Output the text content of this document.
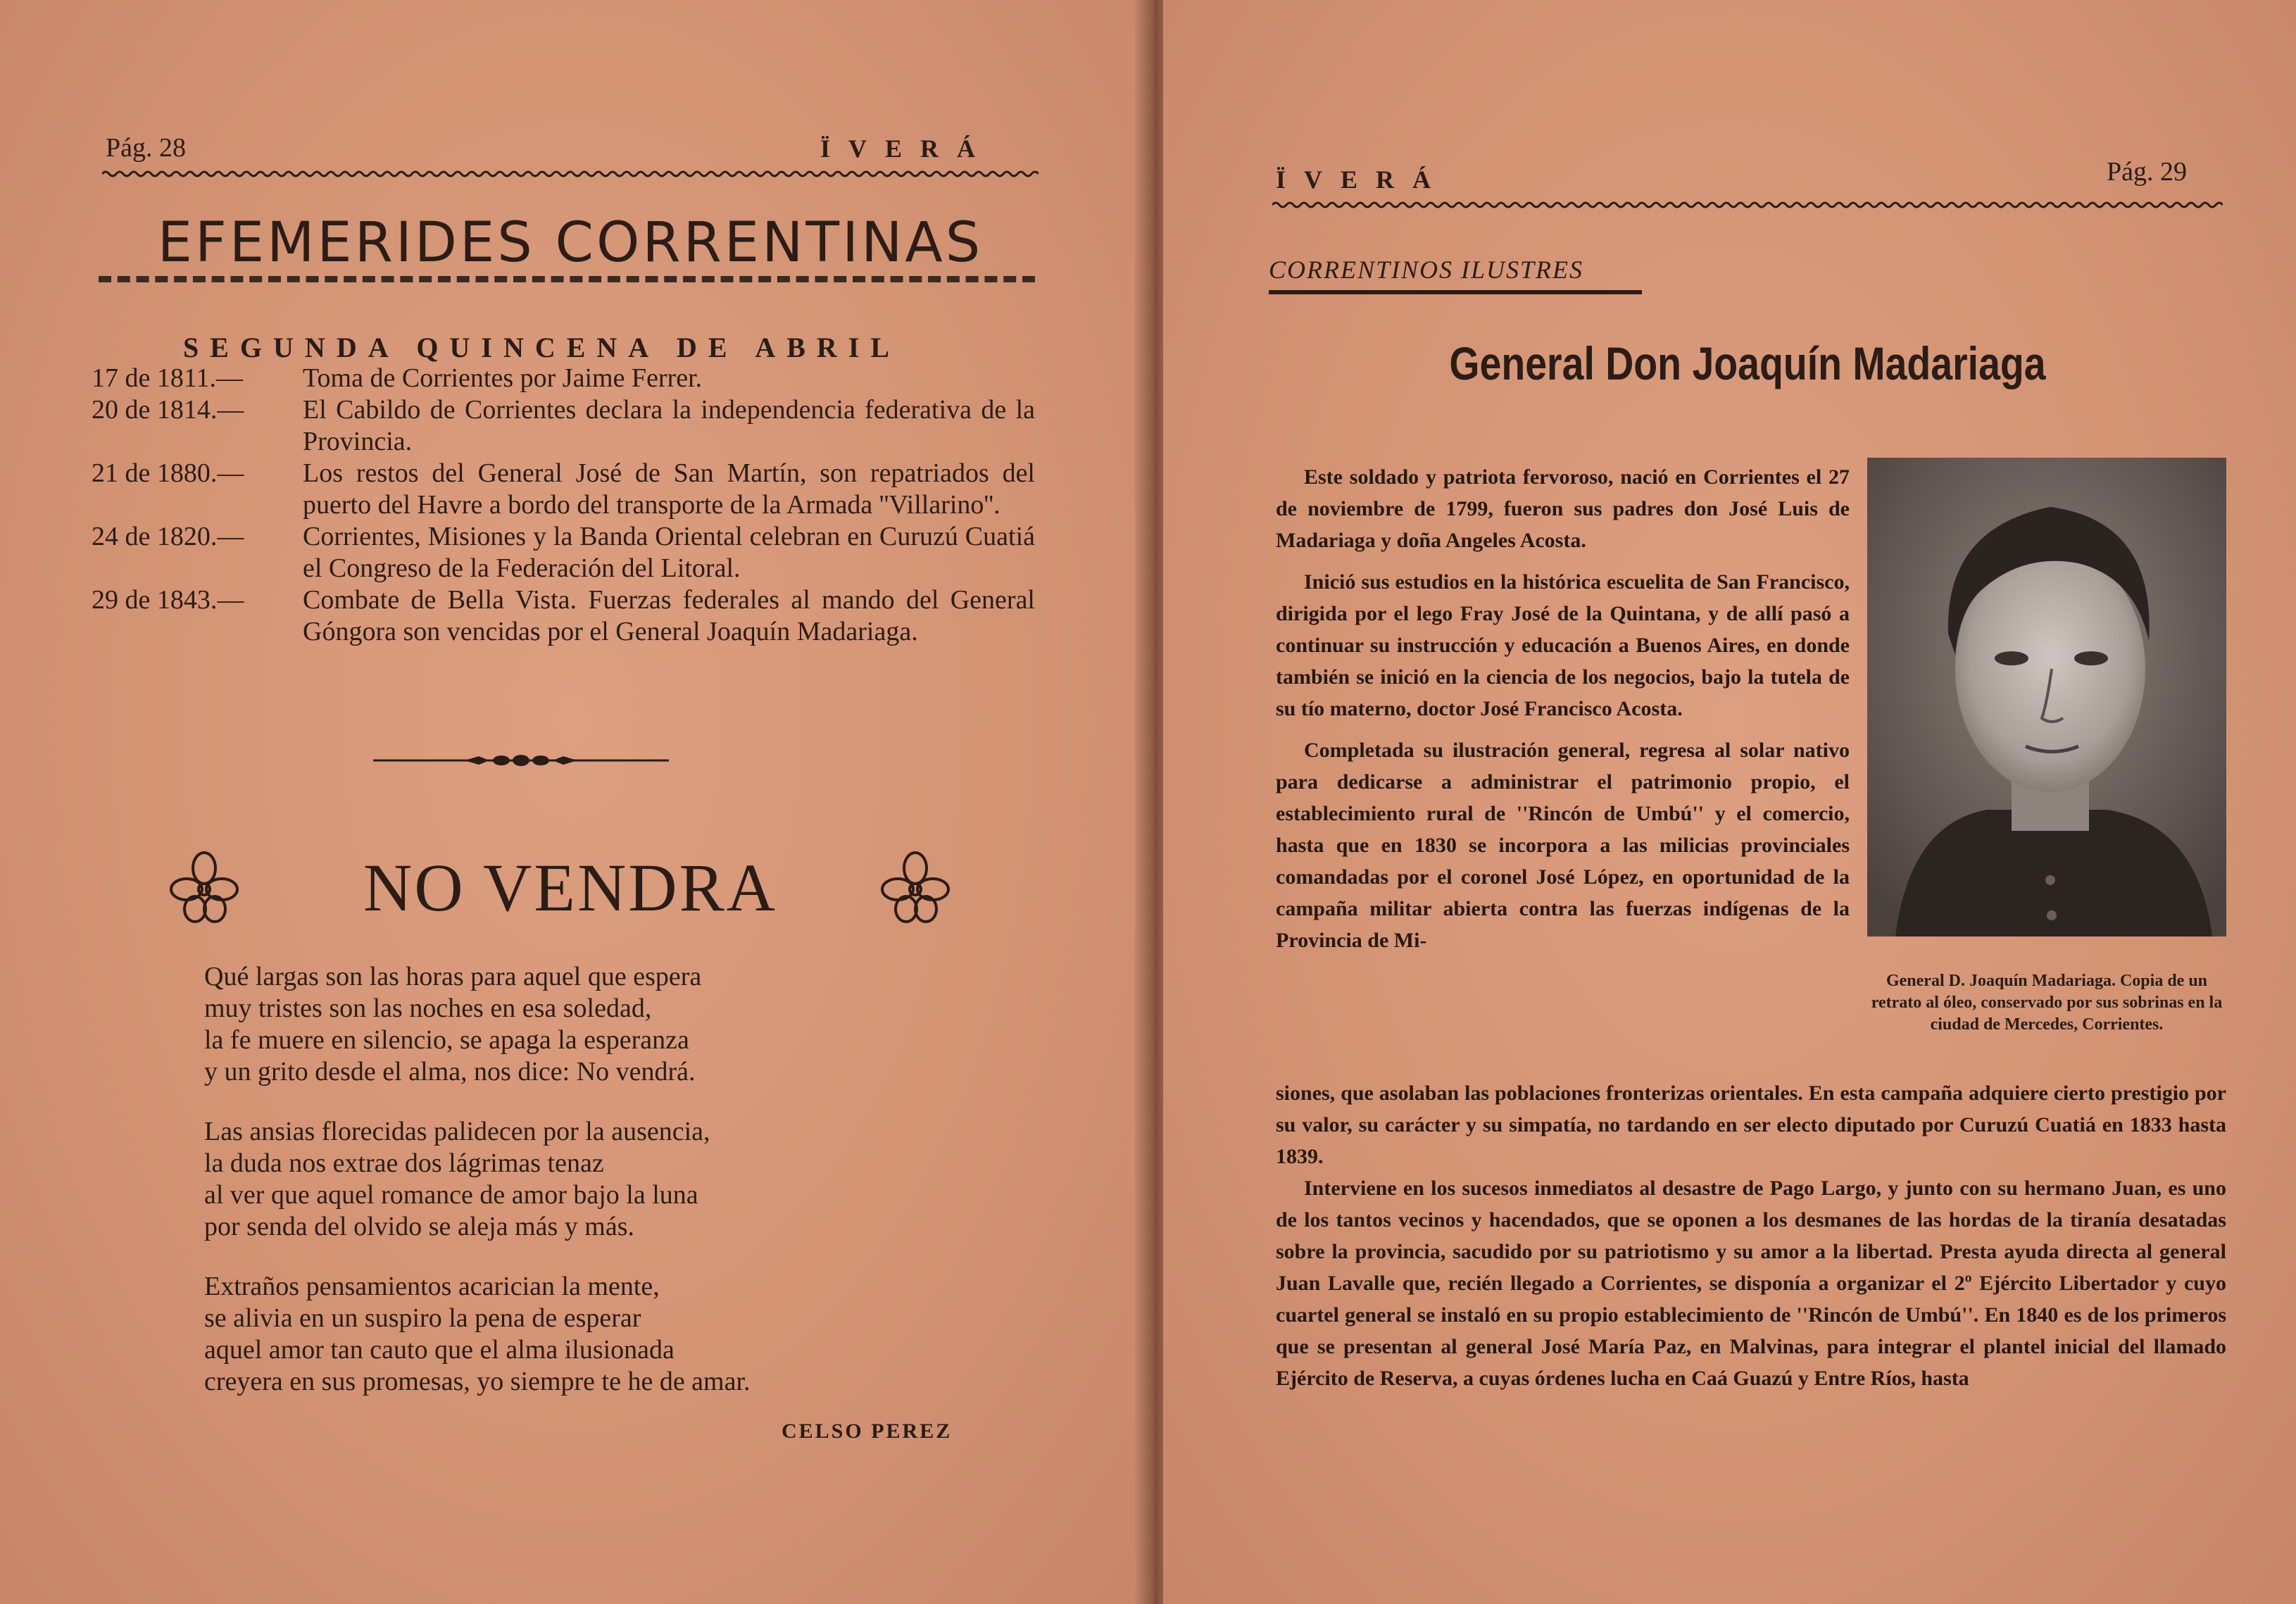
Pág. 28	ÏVERÁ
EFEMERIDES CORRENTINAS
SEGUNDA QUINCENA DE ABRIL
17 de 1811.—	Toma de Corrientes por Jaime Ferrer.
20 de 1814.—	El Cabildo de Corrientes declara la independencia federativa de la Provincia.
21 de 1880.—	Los restos del General José de San Martín, son repatriados del puerto del Havre a bordo del transporte de la Armada ''Villarino''.
24 de 1820.—	Corrientes, Misiones y la Banda Oriental celebran en Curuzú Cuatiá el Congreso de la Federación del Litoral.
29 de 1843.—	Combate de Bella Vista. Fuerzas federales al mando del General Góngora son vencidas por el General Joaquín Madariaga.
NO VENDRA
Qué largas son las horas para aquel que espera
muy tristes son las noches en esa soledad,
la fe muere en silencio, se apaga la esperanza
y un grito desde el alma, nos dice: No vendrá.
Las ansias florecidas palidecen por la ausencia,
la duda nos extrae dos lágrimas tenaz
al ver que aquel romance de amor bajo la luna
por senda del olvido se aleja más y más.
Extraños pensamientos acarician la mente,
se alivia en un suspiro la pena de esperar
aquel amor tan cauto que el alma ilusionada
creyera en sus promesas, yo siempre te he de amar.
CELSO PEREZ
ÏVERÁ	Pág. 29
CORRENTINOS ILUSTRES
General Don Joaquín Madariaga

Este soldado y patriota fervoroso, nació en Corrientes el 27 de noviembre de 1799, fueron sus padres don José Luis de Madariaga y doña Angeles Acosta.

Inició sus estudios en la histórica escuelita de San Francisco, dirigida por el lego Fray José de la Quintana, y de allí pasó a continuar su instrucción y educación a Buenos Aires, en donde también se inició en la ciencia de los negocios, bajo la tutela de su tío materno, doctor José Francisco Acosta.

Completada su ilustración general, regresa al solar nativo para dedicarse a administrar el patrimonio propio, el establecimiento rural de ''Rincón de Umbú'' y el comercio, hasta que en 1830 se incorpora a las milicias provinciales comandadas por el coronel José López, en oportunidad de la campaña militar abierta contra las fuerzas indígenas de la Provincia de Mi-

General D. Joaquín Madariaga. Copia de un retrato al óleo, conservado por sus sobrinas en la ciudad de Mercedes, Corrientes.

siones, que asolaban las poblaciones fronterizas orientales. En esta campaña adquiere cierto prestigio por su valor, su carácter y su simpatía, no tardando en ser electo diputado por Curuzú Cuatiá en 1833 hasta 1839.

Interviene en los sucesos inmediatos al desastre de Pago Largo, y junto con su hermano Juan, es uno de los tantos vecinos y hacendados, que se oponen a los desmanes de las hordas de la tiranía desatadas sobre la provincia, sacudido por su patriotismo y su amor a la libertad. Presta ayuda directa al general Juan Lavalle que, recién llegado a Corrientes, se disponía a organizar el 2º Ejército Libertador y cuyo cuartel general se instaló en su propio establecimiento de ''Rincón de Umbú''. En 1840 es de los primeros que se presentan al general José María Paz, en Malvinas, para integrar el plantel inicial del llamado Ejército de Reserva, a cuyas órdenes lucha en Caá Guazú y Entre Ríos, hasta
